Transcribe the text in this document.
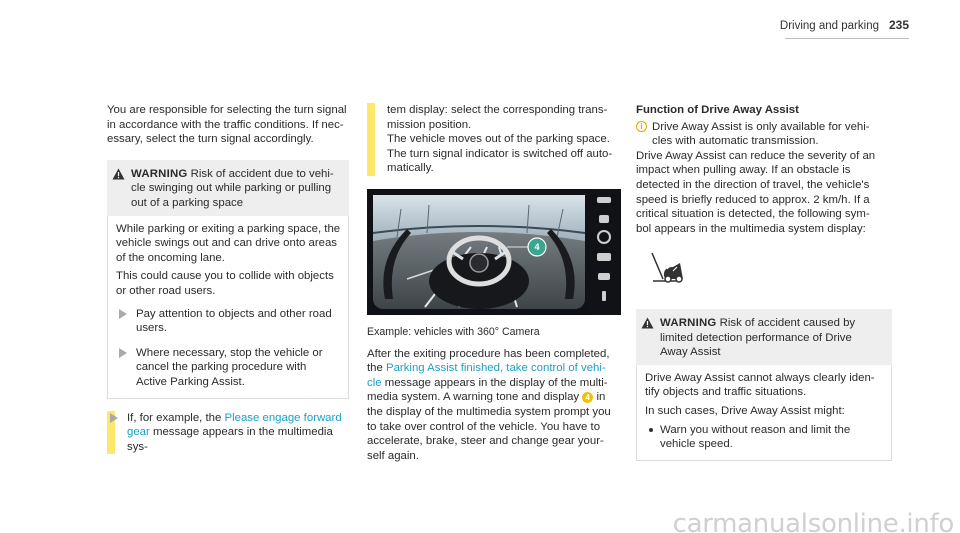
Driving and parking 235
You are responsible for selecting the turn signal
in accordance with the traffic conditions. If nec-
essary, select the turn signal accordingly.
WARNING Risk of accident due to vehi-
cle swinging out while parking or pulling
out of a parking space
While parking or exiting a parking space, the
vehicle swings out and can drive onto areas
of the oncoming lane.
This could cause you to collide with objects
or other road users.
Pay attention to objects and other road
users.
Where necessary, stop the vehicle or
cancel the parking procedure with
Active Parking Assist.
If, for example, the Please engage forward
gear message appears in the multimedia sys-
tem display: select the corresponding trans-
mission position.
The vehicle moves out of the parking space.
The turn signal indicator is switched off auto-
matically.
4
Example: vehicles with 360° Camera
After the exiting procedure has been completed,
the Parking Assist finished, take control of vehi-
cle message appears in the display of the multi-
media system. A warning tone and display 4 in
the display of the multimedia system prompt you
to take over control of the vehicle. You have to
accelerate, brake, steer and change gear your-
self again.
Function of Drive Away Assist
i Drive Away Assist is only available for vehi-
cles with automatic transmission.
Drive Away Assist can reduce the severity of an
impact when pulling away. If an obstacle is
detected in the direction of travel, the vehicle's
speed is briefly reduced to approx. 2 km/h. If a
critical situation is detected, the following sym-
bol appears in the multimedia system display:
WARNING Risk of accident caused by
limited detection performance of Drive
Away Assist
Drive Away Assist cannot always clearly iden-
tify objects and traffic situations.
In such cases, Drive Away Assist might:
Warn you without reason and limit the
vehicle speed.
carmanualsonline.info
